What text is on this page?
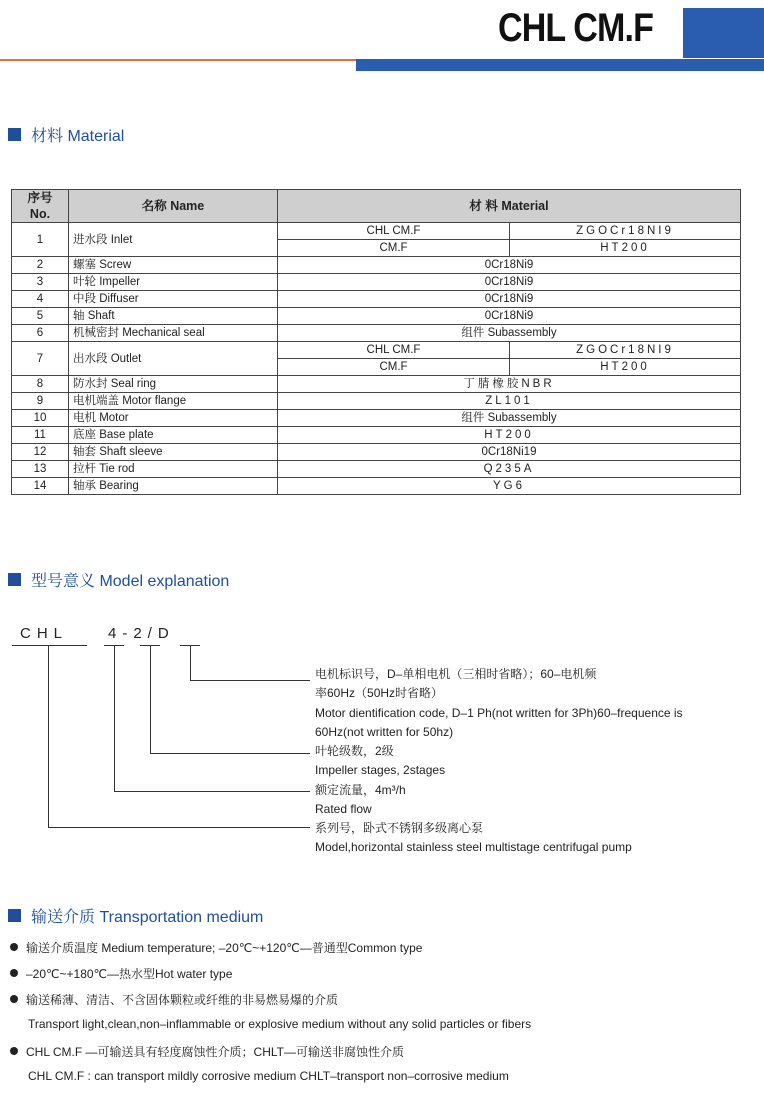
CHL CM.F
材料 Material
序号 No.	名称 Name	材 料 Material	
1	进水段 Inlet	CHL CM.F	ZGOCr18NI9
		CM.F	HT200
2	螺塞 Screw	0Cr18Ni9	
3	叶轮 Impeller	0Cr18Ni9	
4	中段 Diffuser	0Cr18Ni9	
5	轴 Shaft	0Cr18Ni9	
6	机械密封 Mechanical seal	组件 Subassembly	
7	出水段 Outlet	CHL CM.F	ZGOCr18NI9
		CM.F	HT200
8	防水封 Seal ring	丁腈橡胶NBR	
9	电机端盖 Motor flange	ZL101	
10	电机 Motor	组件 Subassembly	
11	底座 Base plate	HT200	
12	轴套 Shaft sleeve	0Cr18Ni19	
13	拉杆 Tie rod	Q235A	
14	轴承 Bearing	YG6	
型号意义 Model explanation
CHL	4-2/D
电机标识号，D–单相电机（三相时省略）；60–电机频
率60Hz（50Hz时省略）
Motor dientification code, D–1 Ph(not written for 3Ph)60–frequence is
60Hz(not written for 50hz)
叶轮级数，2级
Impeller stages, 2stages
额定流量，4m³/h
Rated flow
系列号，卧式不锈钢多级离心泵
Model,horizontal stainless steel multistage centrifugal pump
输送介质 Transportation medium
输送介质温度 Medium temperature; –20℃~+120℃—普通型Common type
–20℃~+180℃—热水型Hot water type
输送稀薄、清洁、不含固体颗粒或纤维的非易燃易爆的介质
Transport light,clean,non–inflammable or explosive medium without any solid particles or fibers
CHL CM.F —可输送具有轻度腐蚀性介质；CHLT—可输送非腐蚀性介质
CHL CM.F : can transport mildly corrosive medium CHLT–transport non–corrosive medium
